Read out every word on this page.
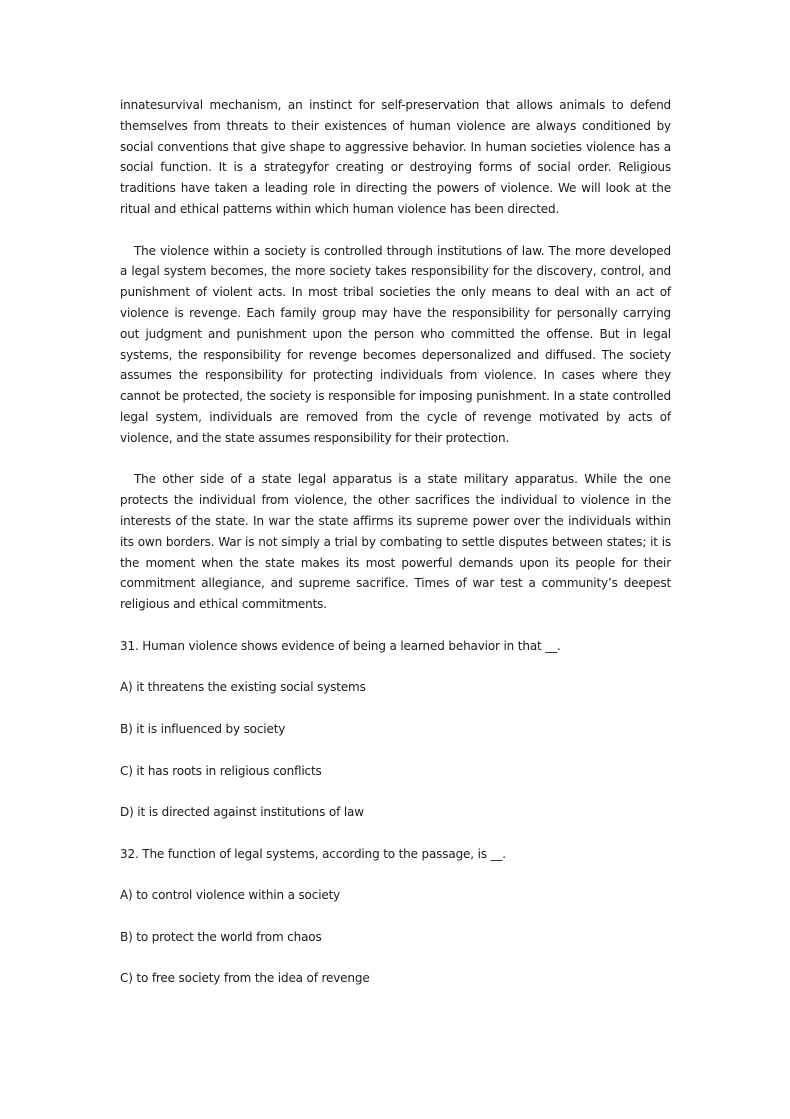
innatesurvival mechanism, an instinct for self-preservation that allows animals to defend themselves from threats to their existences of human violence are always conditioned by social conventions that give shape to aggressive behavior. In human societies violence has a social function. It is a strategyfor creating or destroying forms of social order. Religious traditions have taken a leading role in directing the powers of violence. We will look at the ritual and ethical patterns within which human violence has been directed.

The violence within a society is controlled through institutions of law. The more developed a legal system becomes, the more society takes responsibility for the discovery, control, and punishment of violent acts. In most tribal societies the only means to deal with an act of violence is revenge. Each family group may have the responsibility for personally carrying out judgment and punishment upon the person who committed the offense. But in legal systems, the responsibility for revenge becomes depersonalized and diffused. The society assumes the responsibility for protecting individuals from violence. In cases where they cannot be protected, the society is responsible for imposing punishment. In a state controlled legal system, individuals are removed from the cycle of revenge motivated by acts of violence, and the state assumes responsibility for their protection.

The other side of a state legal apparatus is a state military apparatus. While the one protects the individual from violence, the other sacrifices the individual to violence in the interests of the state. In war the state affirms its supreme power over the individuals within its own borders. War is not simply a trial by combating to settle disputes between states; it is the moment when the state makes its most powerful demands upon its people for their commitment allegiance, and supreme sacrifice. Times of war test a community’s deepest religious and ethical commitments.

31. Human violence shows evidence of being a learned behavior in that __.

A) it threatens the existing social systems

B) it is influenced by society

C) it has roots in religious conflicts

D) it is directed against institutions of law

32. The function of legal systems, according to the passage, is __.

A) to control violence within a society

B) to protect the world from chaos

C) to free society from the idea of revenge
